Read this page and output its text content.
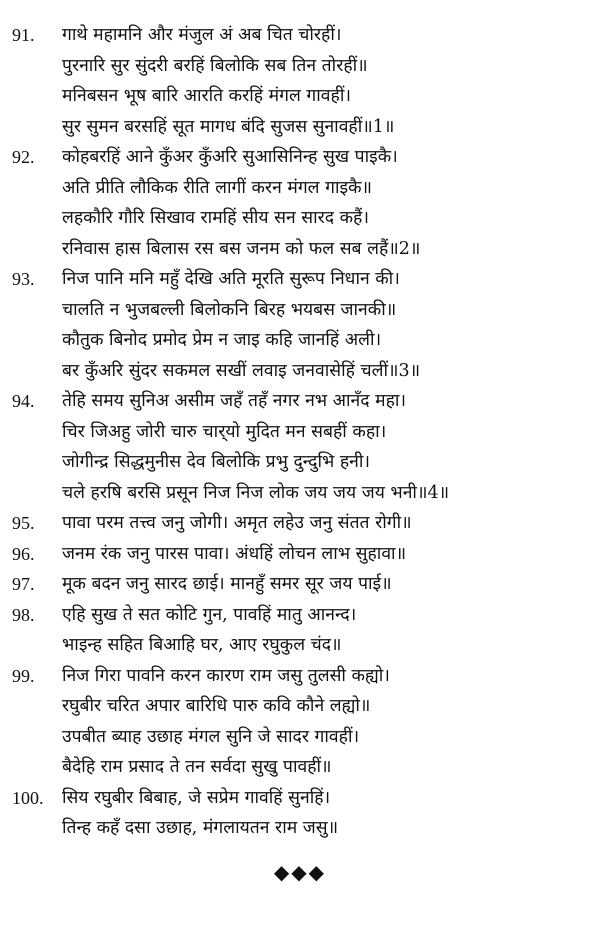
91.	गाथे महामनि और मंजुल अं अब चित चोरहीं।
पुरनारि सुर सुंदरी बरहिं बिलोकि सब तिन तोरहीं॥
मनिबसन भूष बारि आरति करहिं मंगल गावहीं।
सुर सुमन बरसहिं सूत मागध बंदि सुजस सुनावहीं॥1॥
92.	कोहबरहिं आने कुँअर कुँअरि सुआसिनिन्ह सुख पाइकै।
अति प्रीति लौकिक रीति लागीं करन मंगल गाइकै॥
लहकौरि गौरि सिखाव रामहिं सीय सन सारद कहैं।
रनिवास हास बिलास रस बस जनम को फल सब लहैं॥2॥
93.	निज पानि मनि महुँ देखि अति मूरति सुरूप निधान की।
चालति न भुजबल्ली बिलोकनि बिरह भयबस जानकी॥
कौतुक बिनोद प्रमोद प्रेम न जाइ कहि जानहिं अली।
बर कुँअरि सुंदर सकमल सखीं लवाइ जनवासेहिं चलीं॥3॥
94.	तेहि समय सुनिअ असीम जहँ तहँ नगर नभ आनँद महा।
चिर जिअहु जोरी चारु चार्‌यो मुदित मन सबहीं कहा।
जोगीन्द्र सिद्धमुनीस देव बिलोकि प्रभु दुन्दुभि हनी।
चले हरषि बरसि प्रसून निज निज लोक जय जय जय भनी॥4॥
95.	पावा परम तत्त्व जनु जोगी। अमृत लहेउ जनु संतत रोगी॥
96.	जनम रंक जनु पारस पावा। अंधहिं लोचन लाभ सुहावा॥
97.	मूक बदन जनु सारद छाई। मानहुँ समर सूर जय पाई॥
98.	एहि सुख ते सत कोटि गुन, पावहिं मातु आनन्द।
भाइन्ह सहित बिआहि घर, आए रघुकुल चंद॥
99.	निज गिरा पावनि करन कारण राम जसु तुलसी कह्यो।
रघुबीर चरित अपार बारिधि पारु कवि कौने लह्यो॥
उपबीत ब्याह उछाह मंगल सुनि जे सादर गावहीं।
बैदेहि राम प्रसाद ते तन सर्वदा सुखु पावहीं॥
100.	सिय रघुबीर बिबाह, जे सप्रेम गावहिं सुनहिं।
तिन्ह कहँ दसा उछाह, मंगलायतन राम जसु॥
◆◆◆
